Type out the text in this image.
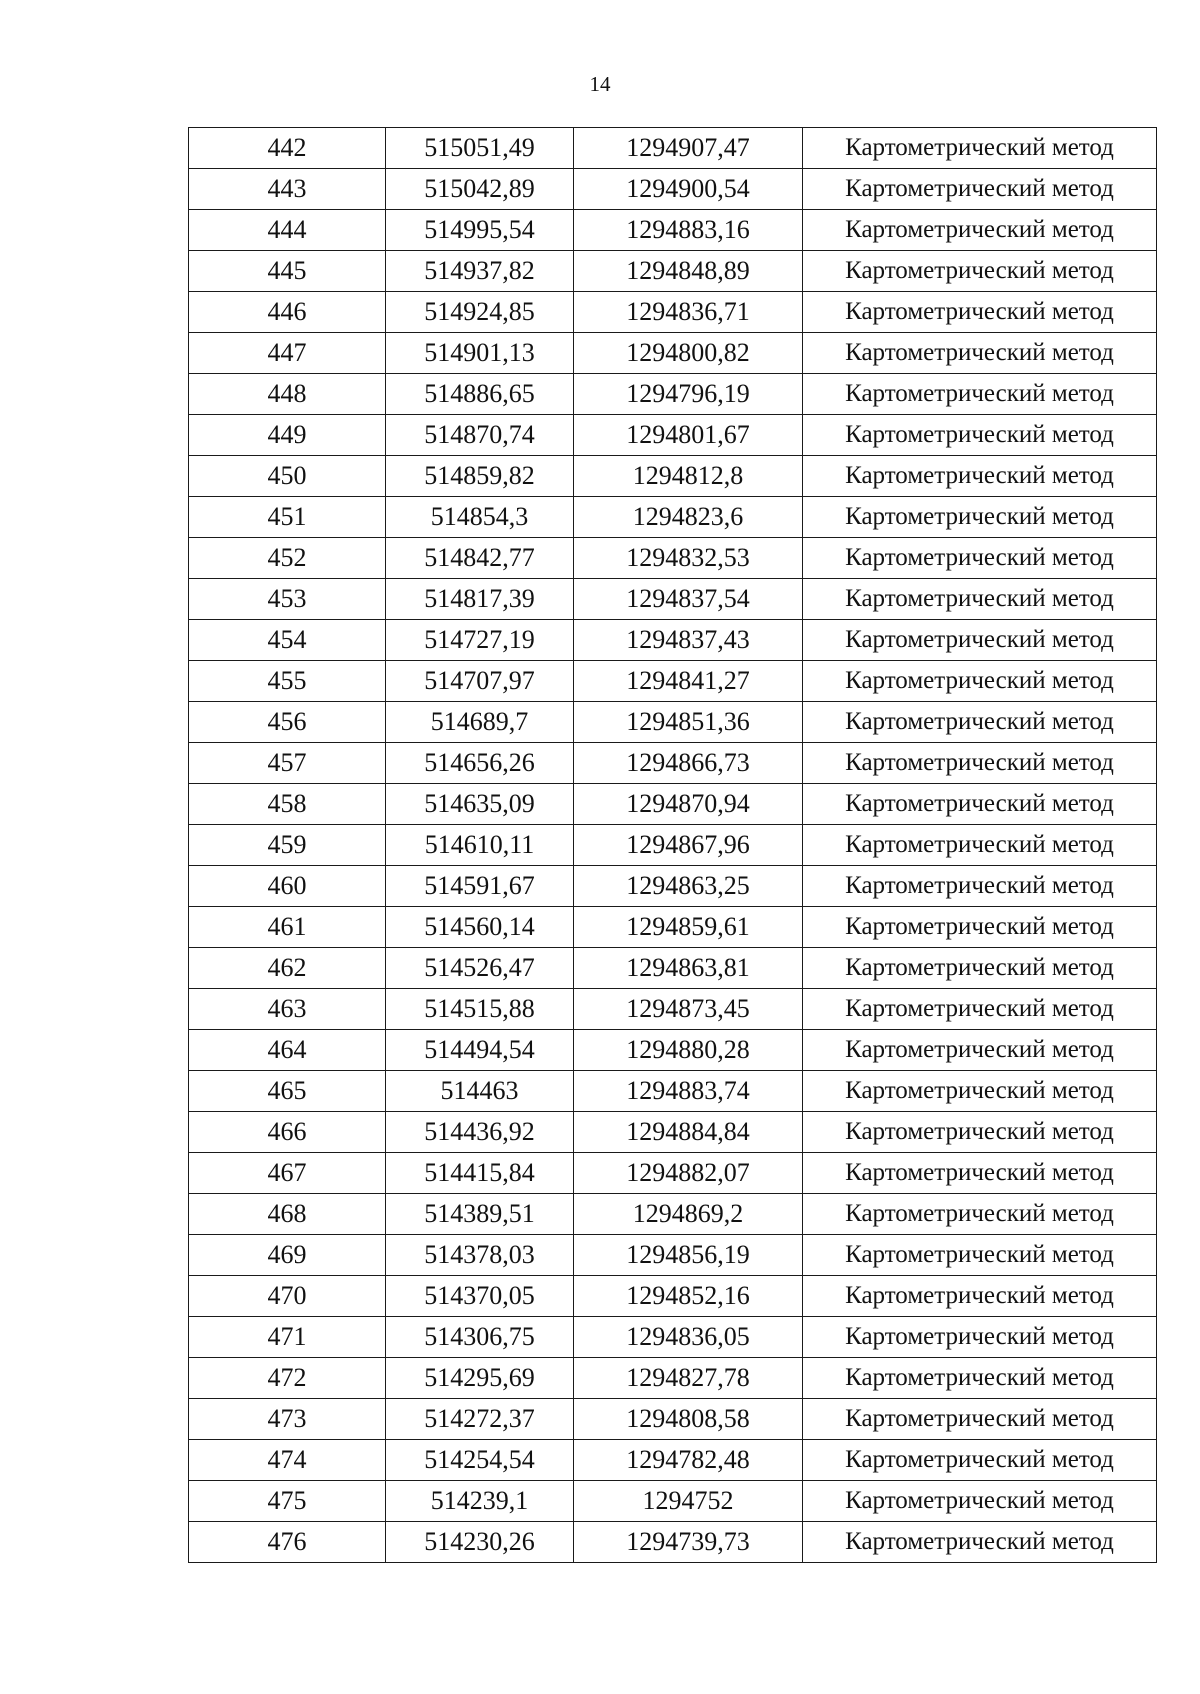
14
442	515051,49	1294907,47	Картометрический метод
443	515042,89	1294900,54	Картометрический метод
444	514995,54	1294883,16	Картометрический метод
445	514937,82	1294848,89	Картометрический метод
446	514924,85	1294836,71	Картометрический метод
447	514901,13	1294800,82	Картометрический метод
448	514886,65	1294796,19	Картометрический метод
449	514870,74	1294801,67	Картометрический метод
450	514859,82	1294812,8	Картометрический метод
451	514854,3	1294823,6	Картометрический метод
452	514842,77	1294832,53	Картометрический метод
453	514817,39	1294837,54	Картометрический метод
454	514727,19	1294837,43	Картометрический метод
455	514707,97	1294841,27	Картометрический метод
456	514689,7	1294851,36	Картометрический метод
457	514656,26	1294866,73	Картометрический метод
458	514635,09	1294870,94	Картометрический метод
459	514610,11	1294867,96	Картометрический метод
460	514591,67	1294863,25	Картометрический метод
461	514560,14	1294859,61	Картометрический метод
462	514526,47	1294863,81	Картометрический метод
463	514515,88	1294873,45	Картометрический метод
464	514494,54	1294880,28	Картометрический метод
465	514463	1294883,74	Картометрический метод
466	514436,92	1294884,84	Картометрический метод
467	514415,84	1294882,07	Картометрический метод
468	514389,51	1294869,2	Картометрический метод
469	514378,03	1294856,19	Картометрический метод
470	514370,05	1294852,16	Картометрический метод
471	514306,75	1294836,05	Картометрический метод
472	514295,69	1294827,78	Картометрический метод
473	514272,37	1294808,58	Картометрический метод
474	514254,54	1294782,48	Картометрический метод
475	514239,1	1294752	Картометрический метод
476	514230,26	1294739,73	Картометрический метод
